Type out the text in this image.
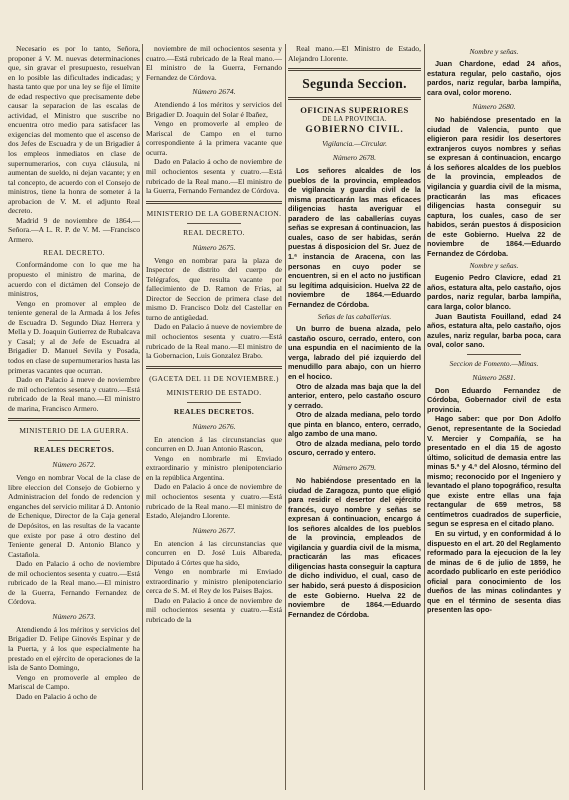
Necesario es por lo tanto, Señora, proponer á V. M. nuevas determinaciones que, sin gravar el presupuesto, resuelvan en lo posible las dificultades indicadas; y hasta tanto que por una ley se fije el límite de edad respectivo que precisamente debe causar la separacion de las escalas de actividad, el Ministro que suscribe no encuentra otro medio para satisfacer las exigencias del momento que el ascenso de dos Jefes de Escuadra y de un Brigadier á los empleos inmediatos en clase de supernumerarios, con cuya cláusula, ni aumentan de sueldo, ni dejan vacante; y en tal concepto, de acuerdo con el Consejo de ministros, tiene la honra de someter á la aprobacion de V. M. el adjunto Real decreto.

Madrid 9 de noviembre de 1864.—Señora.—A L. R. P. de V. M. —Francisco Armero.

REAL DECRETO.

Conformándome con lo que me ha propuesto el ministro de marina, de acuerdo con el dictámen del Consejo de ministros,

Vengo en promover al empleo de teniente general de la Armada á los Jefes de Escuadra D. Segundo Diaz Herrera y Mella y D. Joaquin Gutierrez de Rubalcava y Casal; y al de Jefe de Escuadra al Brigadier D. Manuel Sevila y Posada, todos en clase de supernumerarios hasta las primeras vacantes que ocurran.

Dado en Palacio á nueve de noviembre de mil ochocientos sesenta y cuatro.—Está rubricado de la Real mano.—El ministro de marina, Francisco Armero.

MINISTERIO DE LA GUERRA.
REALES DECRETOS.
Número 2672.

Vengo en nombrar Vocal de la clase de libre eleccion del Consejo de Gobierno y Administracion del fondo de redencion y enganches del servicio militar á D. Antonio de Echenique, Director de la Caja general de Depósitos, en las resultas de la vacante que existe por pase á otro destino del Teniente general D. Antonio Blanco y Castañola.

Dado en Palacio á ocho de noviembre de mil ochocientos sesenta y cuatro.—Está rubricado de la Real mano.—El ministro de la Guerra, Fernando Fernandez de Córdova.

Número 2673.

Atendiendo á los méritos y servicios del Brigadier D. Felipe Ginovés Espinar y de la Puerta, y á los que especialmente ha prestado en el ejército de operaciones de la isla de Santo Domingo,

Vengo en promoverle al empleo de Mariscal de Campo.

Dado en Palacio á ocho de

noviembre de mil ochocientos sesenta y cuatro.—Está rubricado de la Real mano.—El ministro de la Guerra, Fernando Fernandez de Córdova.

Número 2674.

Atendiendo á los méritos y servicios del Brigadier D. Joaquin del Solar é Ibañez,

Vengo en promoverle al empleo de Mariscal de Campo en el turno correspondiente á la primera vacante que ocurra.

Dado en Palacio á ocho de noviembre de mil ochocientos sesenta y cuatro.—Está rubricado de la Real mano.—El ministro de la Guerra, Fernando Fernandez de Córdova.

MINISTERIO DE LA GOBERNACION.
REAL DECRETO.
Número 2675.

Vengo en nombrar para la plaza de Inspector de distrito del cuerpo de Telégrafos, que resulta vacante por fallecimiento de D. Ramon de Frías, al Director de Seccion de primera clase del mismo D. Francisco Dolz del Castellar en turno de antigüedad.

Dado en Palacio á nueve de noviembre de mil ochocientos sesenta y cuatro.—Está rubricado de la Real mano.—El ministro de la Gobernacion, Luis Gonzalez Brabo.

(GACETA DEL 11 DE NOVIEMBRE.)
MINISTERIO DE ESTADO.
REALES DECRETOS.
Número 2676.

En atencion á las circunstancias que concurren en D. Juan Antonio Rascon,

Vengo en nombrarle mi Enviado extraordinario y ministro plenipotenciario en la república Argentina.

Dado en Palacio á once de noviembre de mil ochocientos sesenta y cuatro.—Está rubricado de la Real mano.—El ministro de Estado, Alejandro Llorente.

Número 2677.

En atencion á las circunstancias que concurren en D. José Luis Albareda, Diputado á Córtes que ha sido,

Vengo en nombrarle mi Enviado extraordinario y ministro plenipotenciario cerca de S. M. el Rey de los Paises Bajos.

Dado en Palacio á once de noviembre de mil ochocientos sesenta y cuatro.—Está rubricado de la

Real mano.—El Ministro de Estado, Alejandro Llorente.

Segunda Seccion.
OFICINAS SUPERIORES
DE LA PROVINCIA.
GOBIERNO CIVIL.
Vigilancia.—Circular.
Número 2678.

Los señores alcaldes de los pueblos de la provincia, empleados de vigilancia y guardia civil de la misma practicarán las mas eficaces diligencias hasta averiguar el paradero de las caballerías cuyas señas se expresan á continuacion, las cuales, caso de ser habidas, serán puestas á disposicion del Sr. Juez de 1.ª instancia de Aracena, con las personas en cuyo poder se encuentren, si en el acto no justifican su legítima adquisicion. Huelva 22 de noviembre de 1864.—Eduardo Fernandez de Córdoba.

Señas de las caballerias.

Un burro de buena alzada, pelo castaño oscuro, cerrado, entero, con una espundia en el nacimiento de la verga, labrado del pié izquierdo del menudillo para abajo, con un hierro en el hocico.

Otro de alzada mas baja que la del anterior, entero, pelo castaño oscuro y cerrado.

Otro de alzada mediana, pelo tordo que pinta en blanco, entero, cerrado, algo zambo de una mano.

Otro de alzada mediana, pelo tordo oscuro, cerrado y entero.

Número 2679.

No habiéndose presentado en la ciudad de Zaragoza, punto que eligió para residir el desertor del ejército francés, cuyo nombre y señas se expresan á continuacion, encargo á los señores alcaldes de los pueblos de la provincia, empleados de vigilancia y guardia civil de la misma, practicarán las mas eficaces diligencias hasta conseguir la captura de dicho individuo, el cual, caso de ser habido, será puesto á disposicion de este Gobierno. Huelva 22 de noviembre de 1864.—Eduardo Fernandez de Córdoba.

Nombre y señas.

Juan Chardone, edad 24 años, estatura regular, pelo castaño, ojos pardos, nariz regular, barba lampiña, cara oval, color moreno.

Número 2680.

No habiéndose presentado en la ciudad de Valencia, punto que eligieron para residir los desertores extranjeros cuyos nombres y señas se expresan á continuacion, encargo á los señores alcaldes de los pueblos de la provincia, empleados de vigilancia y guardia civil de la misma, practicarán las mas eficaces diligencias hasta conseguir su captura, los cuales, caso de ser habidos, serán puestos á disposicion de este Gobierno. Huelva 22 de noviembre de 1864.—Eduardo Fernandez de Córdoba.

Nombre y señas.

Eugenio Pedro Clavicre, edad 21 años, estatura alta, pelo castaño, ojos pardos, nariz regular, barba lampiña, cara larga, color blanco.

Juan Bautista Fouilland, edad 24 años, estatura alta, pelo castaño, ojos azules, nariz regular, barba poca, cara oval, color sano.

Seccion de Fomento.—Minas.
Número 2681.

Don Eduardo Fernandez de Córdoba, Gobernador civil de esta provincia.

Hago saber: que por Don Adolfo Genot, representante de la Sociedad V. Mercier y Compañía, se ha presentado en el dia 15 de agosto último, solicitud de demasia entre las minas 5.ª y 4.ª del Alosno, término del mismo; reconocido por el Ingeniero y levantado el plano topográfico, resulta que existe entre ellas una faja rectangular de 659 metros, 58 centímetros cuadrados de superficie, segun se espresa en el citado plano.

En su virtud, y en conformidad á lo dispuesto en el art. 20 del Reglamento reformado para la ejecucion de la ley de minas de 6 de julio de 1859, he acordado publicarlo en este periódico oficial para conocimiento de los dueños de las minas colindantes y que en el término de sesenta dias presenten las opo-
